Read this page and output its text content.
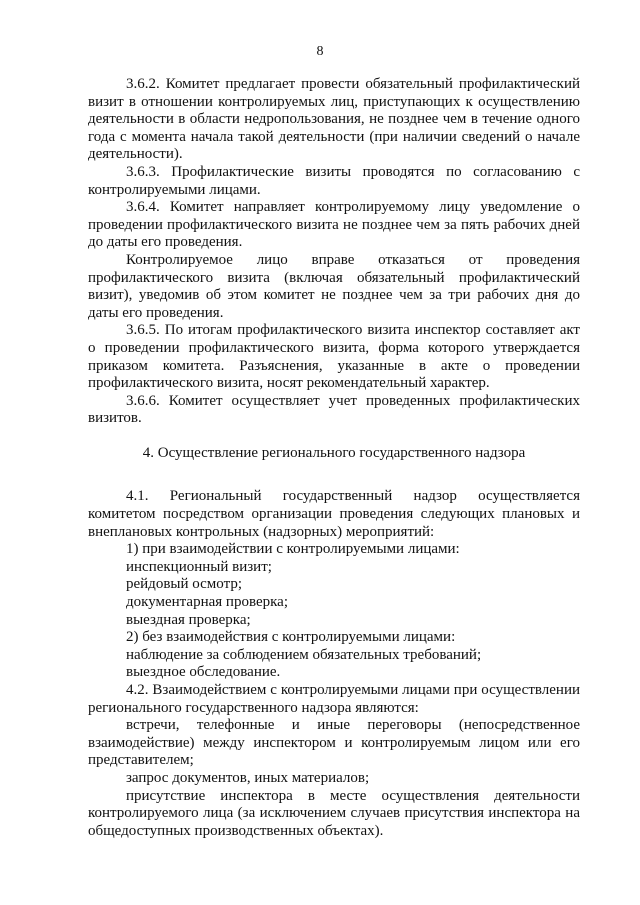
8

3.6.2. Комитет предлагает провести обязательный профилактический визит в отношении контролируемых лиц, приступающих к осуществлению деятельности в области недропользования, не позднее чем в течение одного года с момента начала такой деятельности (при наличии сведений о начале деятельности).

3.6.3. Профилактические визиты проводятся по согласованию с контролируемыми лицами.

3.6.4. Комитет направляет контролируемому лицу уведомление о проведении профилактического визита не позднее чем за пять рабочих дней до даты его проведения.

Контролируемое лицо вправе отказаться от проведения профилактического визита (включая обязательный профилактический визит), уведомив об этом комитет не позднее чем за три рабочих дня до даты его проведения.

3.6.5. По итогам профилактического визита инспектор составляет акт о проведении профилактического визита, форма которого утверждается приказом комитета. Разъяснения, указанные в акте о проведении профилактического визита, носят рекомендательный характер.

3.6.6. Комитет осуществляет учет проведенных профилактических визитов.

4. Осуществление регионального государственного надзора

4.1. Региональный государственный надзор осуществляется комитетом посредством организации проведения следующих плановых и внеплановых контрольных (надзорных) мероприятий:

1) при взаимодействии с контролируемыми лицами:

инспекционный визит;

рейдовый осмотр;

документарная проверка;

выездная проверка;

2) без взаимодействия с контролируемыми лицами:

наблюдение за соблюдением обязательных требований;

выездное обследование.

4.2. Взаимодействием с контролируемыми лицами при осуществлении регионального государственного надзора являются:

встречи, телефонные и иные переговоры (непосредственное взаимодействие) между инспектором и контролируемым лицом или его представителем;

запрос документов, иных материалов;

присутствие инспектора в месте осуществления деятельности контролируемого лица (за исключением случаев присутствия инспектора на общедоступных производственных объектах).
